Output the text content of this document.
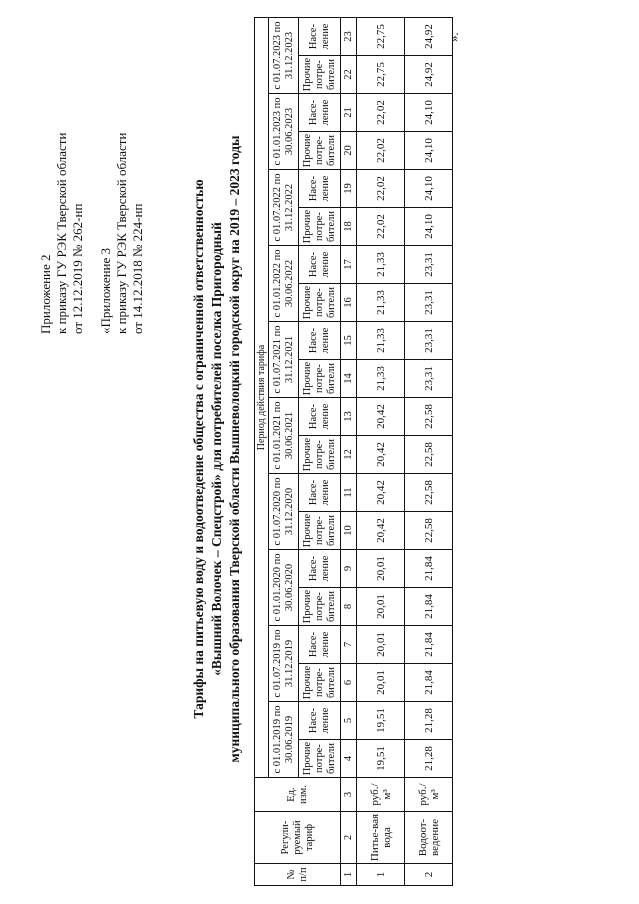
Приложение 2 к приказу ГУ РЭК Тверской области от 12.12.2019 № 262-нп «Приложение 3 к приказу ГУ РЭК Тверской области от 14.12.2018 № 224-нп	Тарифы на питьевую воду и водоотведение общества с ограниченной ответственностью «Вышний Волочек – Спецстрой» для потребителей поселка Пригородный муниципального образования Тверской области Вышневолоцкий городской округ на 2019 – 2023 годы
№ п/п	Регули-руемый тариф	Ед. изм.	Период действия тарифа																			
			с 01.01.2019 по 30.06.2019		с 01.07.2019 по 31.12.2019		с 01.01.2020 по 30.06.2020		с 01.07.2020 по 31.12.2020		с 01.01.2021 по 30.06.2021		с 01.07.2021 по 31.12.2021		с 01.01.2022 по 30.06.2022		с 01.07.2022 по 31.12.2022		с 01.01.2023 по 30.06.2023		с 01.07.2023 по 31.12.2023	
			Прочие потре-бители	Насе-ление	Прочие потре-бители	Насе-ление	Прочие потре-бители	Насе-ление	Прочие потре-бители	Насе-ление	Прочие потре-бители	Насе-ление	Прочие потре-бители	Насе-ление	Прочие потре-бители	Насе-ление	Прочие потре-бители	Насе-ление	Прочие потре-бители	Насе-ление	Прочие потре-бители	Насе-ление
1	2	3	4	5	6	7	8	9	10	11	12	13	14	15	16	17	18	19	20	21	22	23
1	Питье-вая вода	руб./м³	19,51	19,51	20,01	20,01	20,01	20,01	20,42	20,42	20,42	20,42	21,33	21,33	21,33	21,33	22,02	22,02	22,02	22,02	22,75	22,75
2	Водоот-ведение	руб./м³	21,28	21,28	21,84	21,84	21,84	21,84	22,58	22,58	22,58	22,58	23,31	23,31	23,31	23,31	24,10	24,10	24,10	24,10	24,92	24,92 ».
